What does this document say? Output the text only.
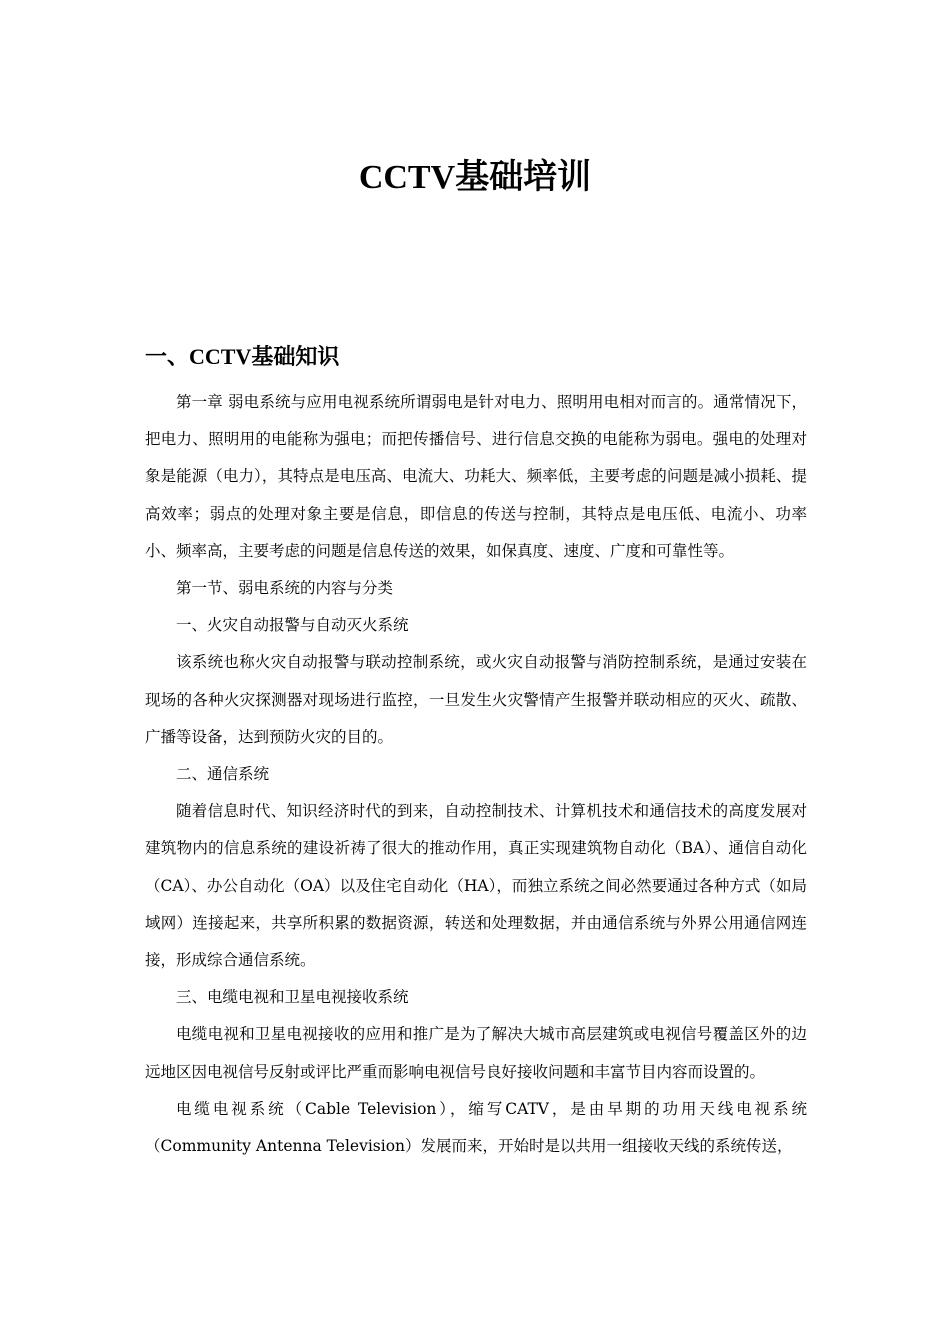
CCTV基础培训
一、CCTV基础知识

第一章 弱电系统与应用电视系统所谓弱电是针对电力、照明用电相对而言的。通常情况下，把电力、照明用的电能称为强电；而把传播信号、进行信息交换的电能称为弱电。强电的处理对象是能源（电力），其特点是电压高、电流大、功耗大、频率低，主要考虑的问题是减小损耗、提高效率；弱点的处理对象主要是信息，即信息的传送与控制，其特点是电压低、电流小、功率小、频率高，主要考虑的问题是信息传送的效果，如保真度、速度、广度和可靠性等。

第一节、弱电系统的内容与分类

一、火灾自动报警与自动灭火系统

该系统也称火灾自动报警与联动控制系统，或火灾自动报警与消防控制系统，是通过安装在现场的各种火灾探测器对现场进行监控，一旦发生火灾警情产生报警并联动相应的灭火、疏散、广播等设备，达到预防火灾的目的。

二、通信系统

随着信息时代、知识经济时代的到来，自动控制技术、计算机技术和通信技术的高度发展对建筑物内的信息系统的建设祈祷了很大的推动作用，真正实现建筑物自动化（BA）、通信自动化（CA）、办公自动化（OA）以及住宅自动化（HA），而独立系统之间必然要通过各种方式（如局域网）连接起来，共享所积累的数据资源，转送和处理数据，并由通信系统与外界公用通信网连接，形成综合通信系统。

三、电缆电视和卫星电视接收系统

电缆电视和卫星电视接收的应用和推广是为了解决大城市高层建筑或电视信号覆盖区外的边远地区因电视信号反射或评比严重而影响电视信号良好接收问题和丰富节目内容而设置的。

电缆电视系统（Cable Television），缩写CATV，是由早期的功用天线电视系统（Community Antenna Television）发展而来，开始时是以共用一组接收天线的系统传送，
